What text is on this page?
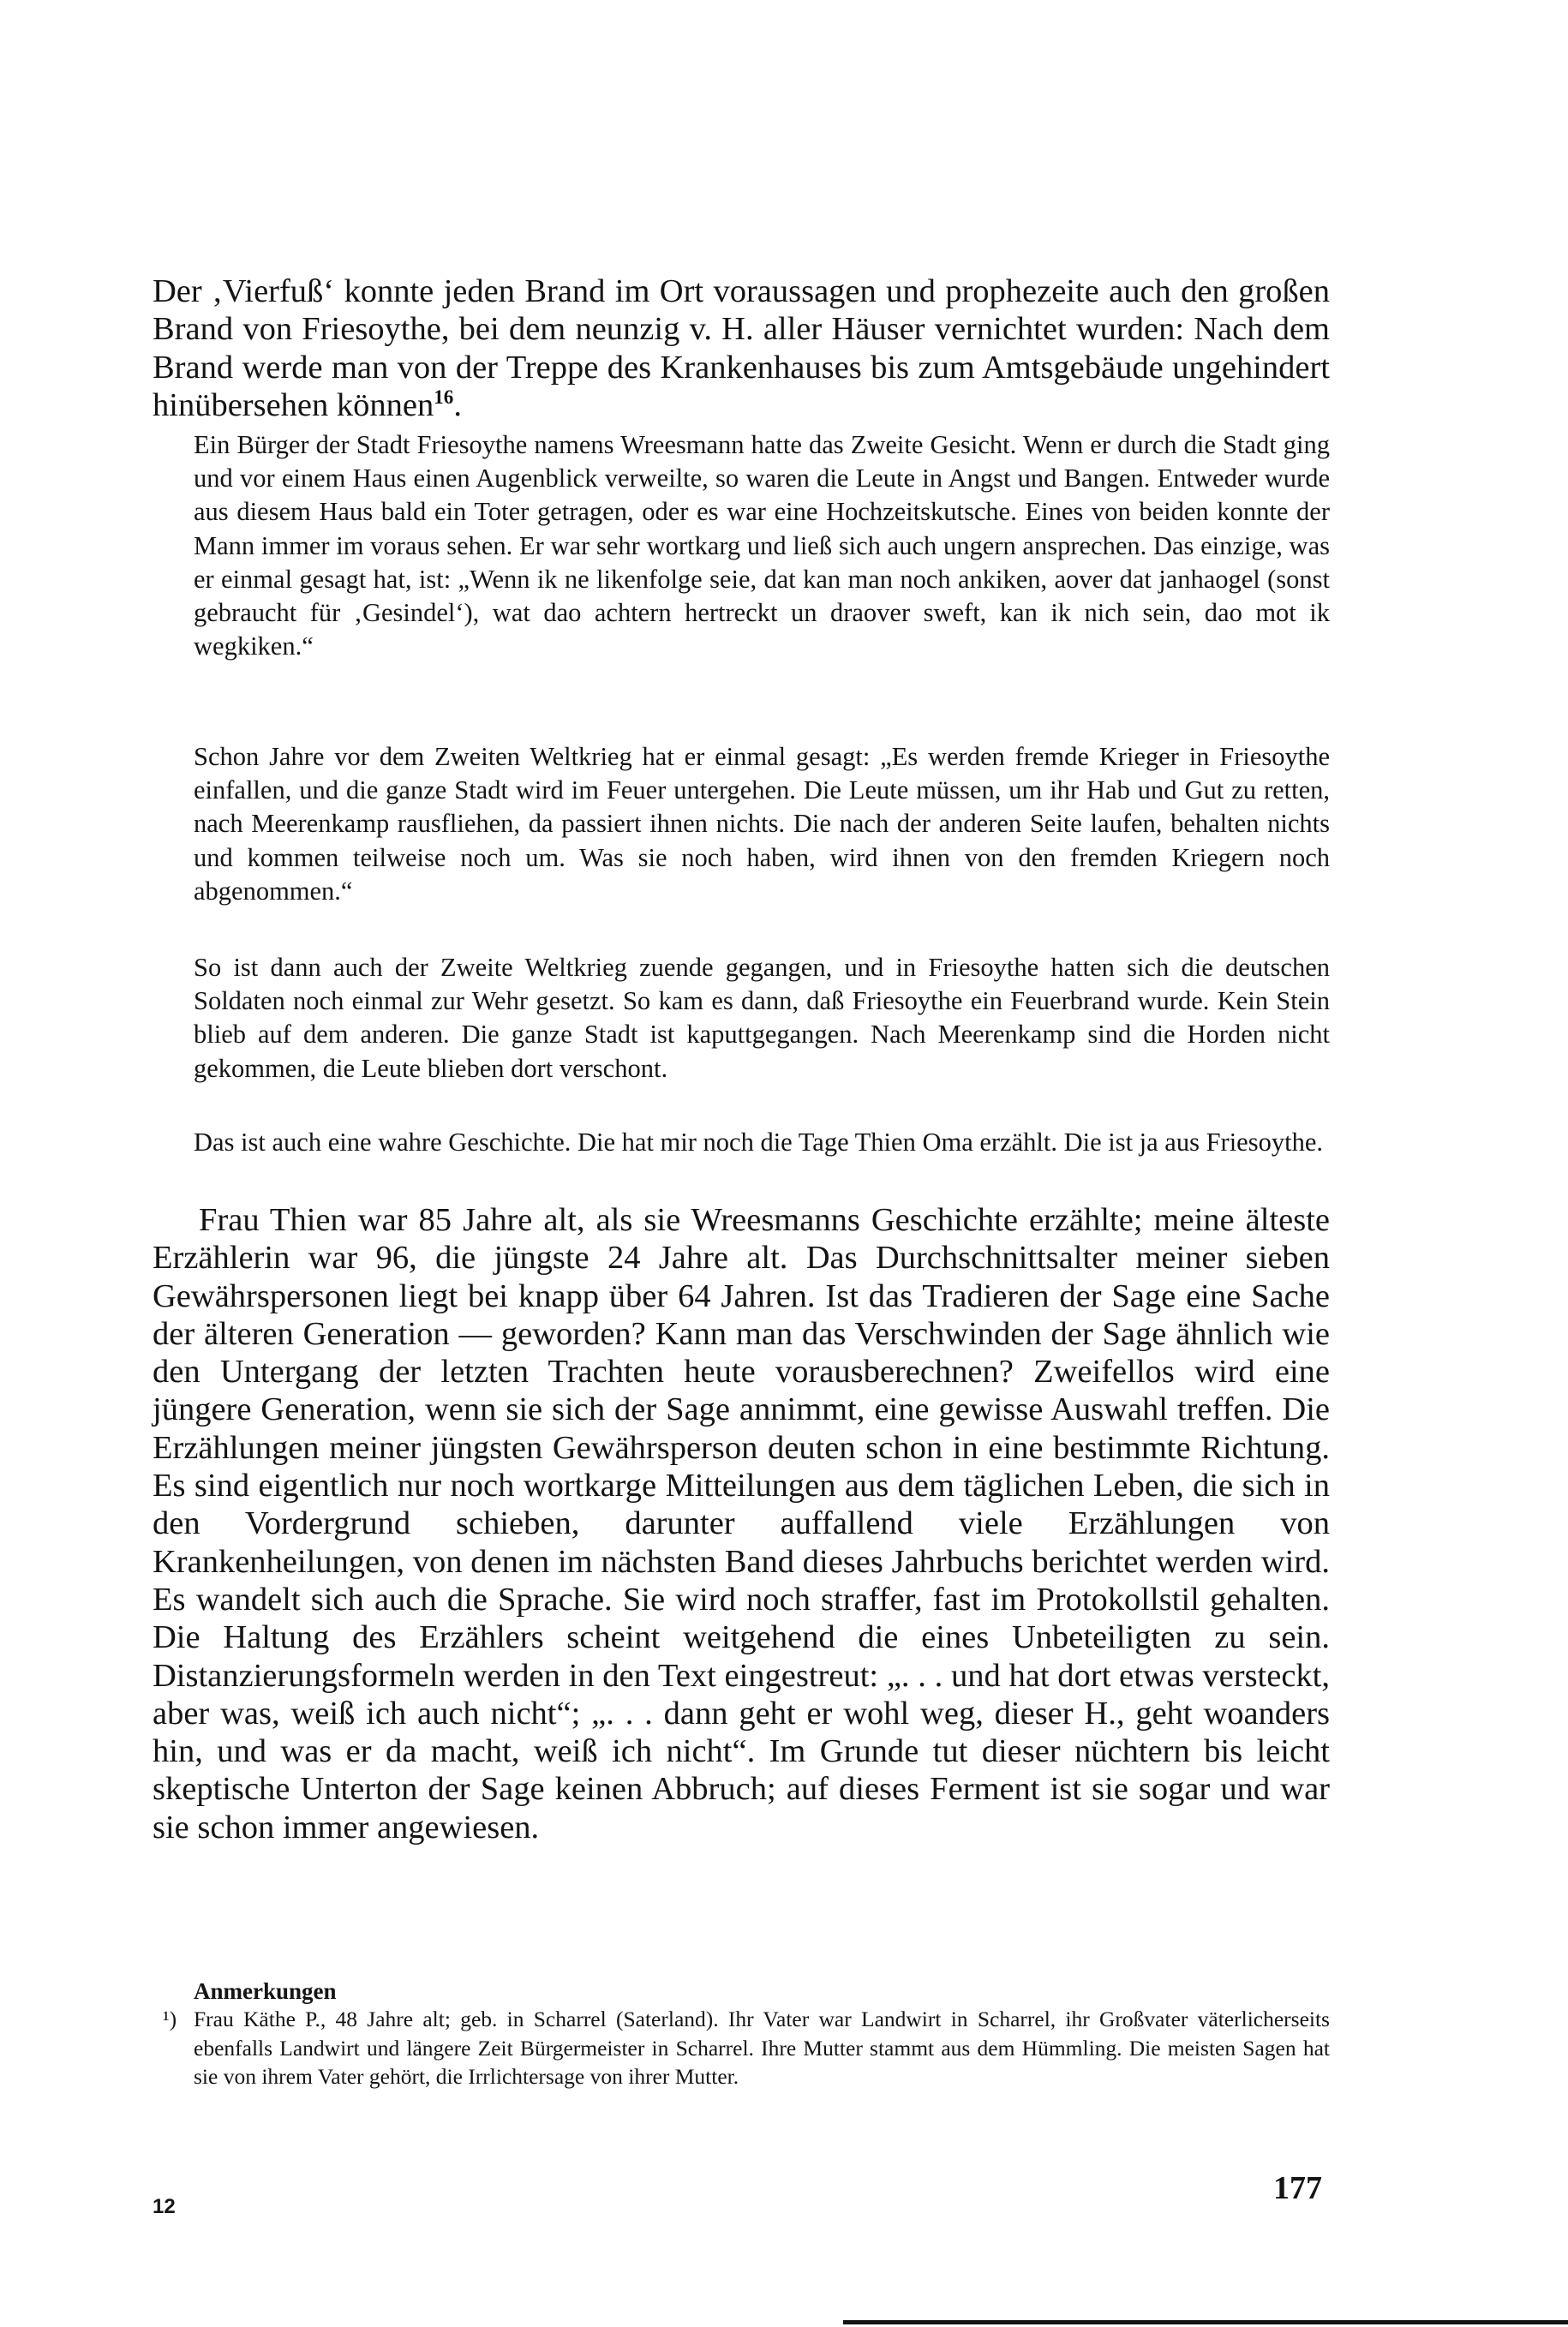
Der ‚Vierfuß‘ konnte jeden Brand im Ort voraussagen und prophezeite auch den großen Brand von Friesoythe, bei dem neunzig v. H. aller Häuser vernichtet wurden: Nach dem Brand werde man von der Treppe des Krankenhauses bis zum Amtsgebäude ungehindert hinübersehen können$^{16}$.

Ein Bürger der Stadt Friesoythe namens Wreesmann hatte das Zweite Gesicht. Wenn er durch die Stadt ging und vor einem Haus einen Augenblick verweilte, so waren die Leute in Angst und Bangen. Entweder wurde aus diesem Haus bald ein Toter getragen, oder es war eine Hochzeitskutsche. Eines von beiden konnte der Mann immer im voraus sehen. Er war sehr wortkarg und ließ sich auch ungern ansprechen. Das einzige, was er einmal gesagt hat, ist: „Wenn ik ne likenfolge seie, dat kan man noch ankiken, aover dat janhaogel (sonst gebraucht für ‚Gesindel‘), wat dao achtern hertreckt un draover sweft, kan ik nich sein, dao mot ik wegkiken.“

Schon Jahre vor dem Zweiten Weltkrieg hat er einmal gesagt: „Es werden fremde Krieger in Friesoythe einfallen, und die ganze Stadt wird im Feuer untergehen. Die Leute müssen, um ihr Hab und Gut zu retten, nach Meerenkamp rausfliehen, da passiert ihnen nichts. Die nach der anderen Seite laufen, behalten nichts und kommen teilweise noch um. Was sie noch haben, wird ihnen von den fremden Kriegern noch abgenommen.“

So ist dann auch der Zweite Weltkrieg zuende gegangen, und in Friesoythe hatten sich die deutschen Soldaten noch einmal zur Wehr gesetzt. So kam es dann, daß Friesoythe ein Feuerbrand wurde. Kein Stein blieb auf dem anderen. Die ganze Stadt ist kaputtgegangen. Nach Meerenkamp sind die Horden nicht gekommen, die Leute blieben dort verschont.

Das ist auch eine wahre Geschichte. Die hat mir noch die Tage Thien Oma erzählt. Die ist ja aus Friesoythe.

Frau Thien war 85 Jahre alt, als sie Wreesmanns Geschichte erzählte; meine älteste Erzählerin war 96, die jüngste 24 Jahre alt. Das Durchschnittsalter meiner sieben Gewährspersonen liegt bei knapp über 64 Jahren. Ist das Tradieren der Sage eine Sache der älteren Generation — geworden? Kann man das Verschwinden der Sage ähnlich wie den Untergang der letzten Trachten heute vorausberechnen? Zweifellos wird eine jüngere Generation, wenn sie sich der Sage annimmt, eine gewisse Auswahl treffen. Die Erzählungen meiner jüngsten Gewährsperson deuten schon in eine bestimmte Richtung. Es sind eigentlich nur noch wortkarge Mitteilungen aus dem täglichen Leben, die sich in den Vordergrund schieben, darunter auffallend viele Erzählungen von Krankenheilungen, von denen im nächsten Band dieses Jahrbuchs berichtet werden wird. Es wandelt sich auch die Sprache. Sie wird noch straffer, fast im Protokollstil gehalten. Die Haltung des Erzählers scheint weitgehend die eines Unbeteiligten zu sein. Distanzierungsformeln werden in den Text eingestreut: „. . . und hat dort etwas versteckt, aber was, weiß ich auch nicht“; „. . . dann geht er wohl weg, dieser H., geht woanders hin, und was er da macht, weiß ich nicht“. Im Grunde tut dieser nüchtern bis leicht skeptische Unterton der Sage keinen Abbruch; auf dieses Ferment ist sie sogar und war sie schon immer angewiesen.

Anmerkungen

¹) Frau Käthe P., 48 Jahre alt; geb. in Scharrel (Saterland). Ihr Vater war Landwirt in Scharrel, ihr Großvater väterlicherseits ebenfalls Landwirt und längere Zeit Bürgermeister in Scharrel. Ihre Mutter stammt aus dem Hümmling. Die meisten Sagen hat sie von ihrem Vater gehört, die Irrlichtersage von ihrer Mutter.

12
177
